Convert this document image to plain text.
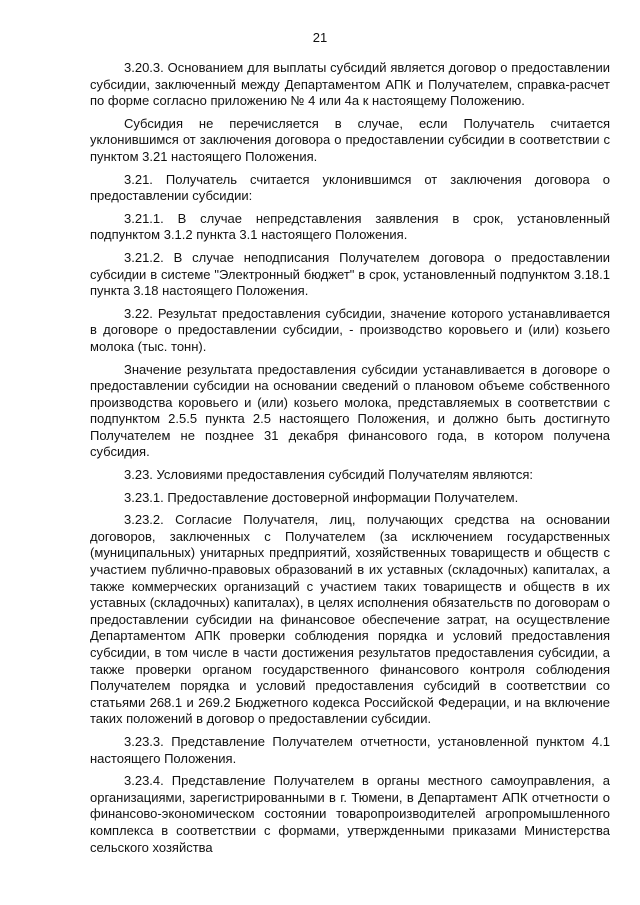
21

3.20.3. Основанием для выплаты субсидий является договор о предоставлении субсидии, заключенный между Департаментом АПК и Получателем, справка-расчет по форме согласно приложению № 4 или 4а к настоящему Положению.

Субсидия не перечисляется в случае, если Получатель считается уклонившимся от заключения договора о предоставлении субсидии в соответствии с пунктом 3.21 настоящего Положения.

3.21. Получатель считается уклонившимся от заключения договора о предоставлении субсидии:

3.21.1. В случае непредставления заявления в срок, установленный подпунктом 3.1.2 пункта 3.1 настоящего Положения.

3.21.2. В случае неподписания Получателем договора о предоставлении субсидии в системе "Электронный бюджет" в срок, установленный подпунктом 3.18.1 пункта 3.18 настоящего Положения.

3.22. Результат предоставления субсидии, значение которого устанавливается в договоре о предоставлении субсидии, - производство коровьего и (или) козьего молока (тыс. тонн).

Значение результата предоставления субсидии устанавливается в договоре о предоставлении субсидии на основании сведений о плановом объеме собственного производства коровьего и (или) козьего молока, представляемых в соответствии с подпунктом 2.5.5 пункта 2.5 настоящего Положения, и должно быть достигнуто Получателем не позднее 31 декабря финансового года, в котором получена субсидия.

3.23. Условиями предоставления субсидий Получателям являются:

3.23.1. Предоставление достоверной информации Получателем.

3.23.2. Согласие Получателя, лиц, получающих средства на основании договоров, заключенных с Получателем (за исключением государственных (муниципальных) унитарных предприятий, хозяйственных товариществ и обществ с участием публично-правовых образований в их уставных (складочных) капиталах, а также коммерческих организаций с участием таких товариществ и обществ в их уставных (складочных) капиталах), в целях исполнения обязательств по договорам о предоставлении субсидии на финансовое обеспечение затрат, на осуществление Департаментом АПК проверки соблюдения порядка и условий предоставления субсидии, в том числе в части достижения результатов предоставления субсидии, а также проверки органом государственного финансового контроля соблюдения Получателем порядка и условий предоставления субсидий в соответствии со статьями 268.1 и 269.2 Бюджетного кодекса Российской Федерации, и на включение таких положений в договор о предоставлении субсидии.

3.23.3. Представление Получателем отчетности, установленной пунктом 4.1 настоящего Положения.

3.23.4. Представление Получателем в органы местного самоуправления, а организациями, зарегистрированными в г. Тюмени, в Департамент АПК отчетности о финансово-экономическом состоянии товаропроизводителей агропромышленного комплекса в соответствии с формами, утвержденными приказами Министерства сельского хозяйства
